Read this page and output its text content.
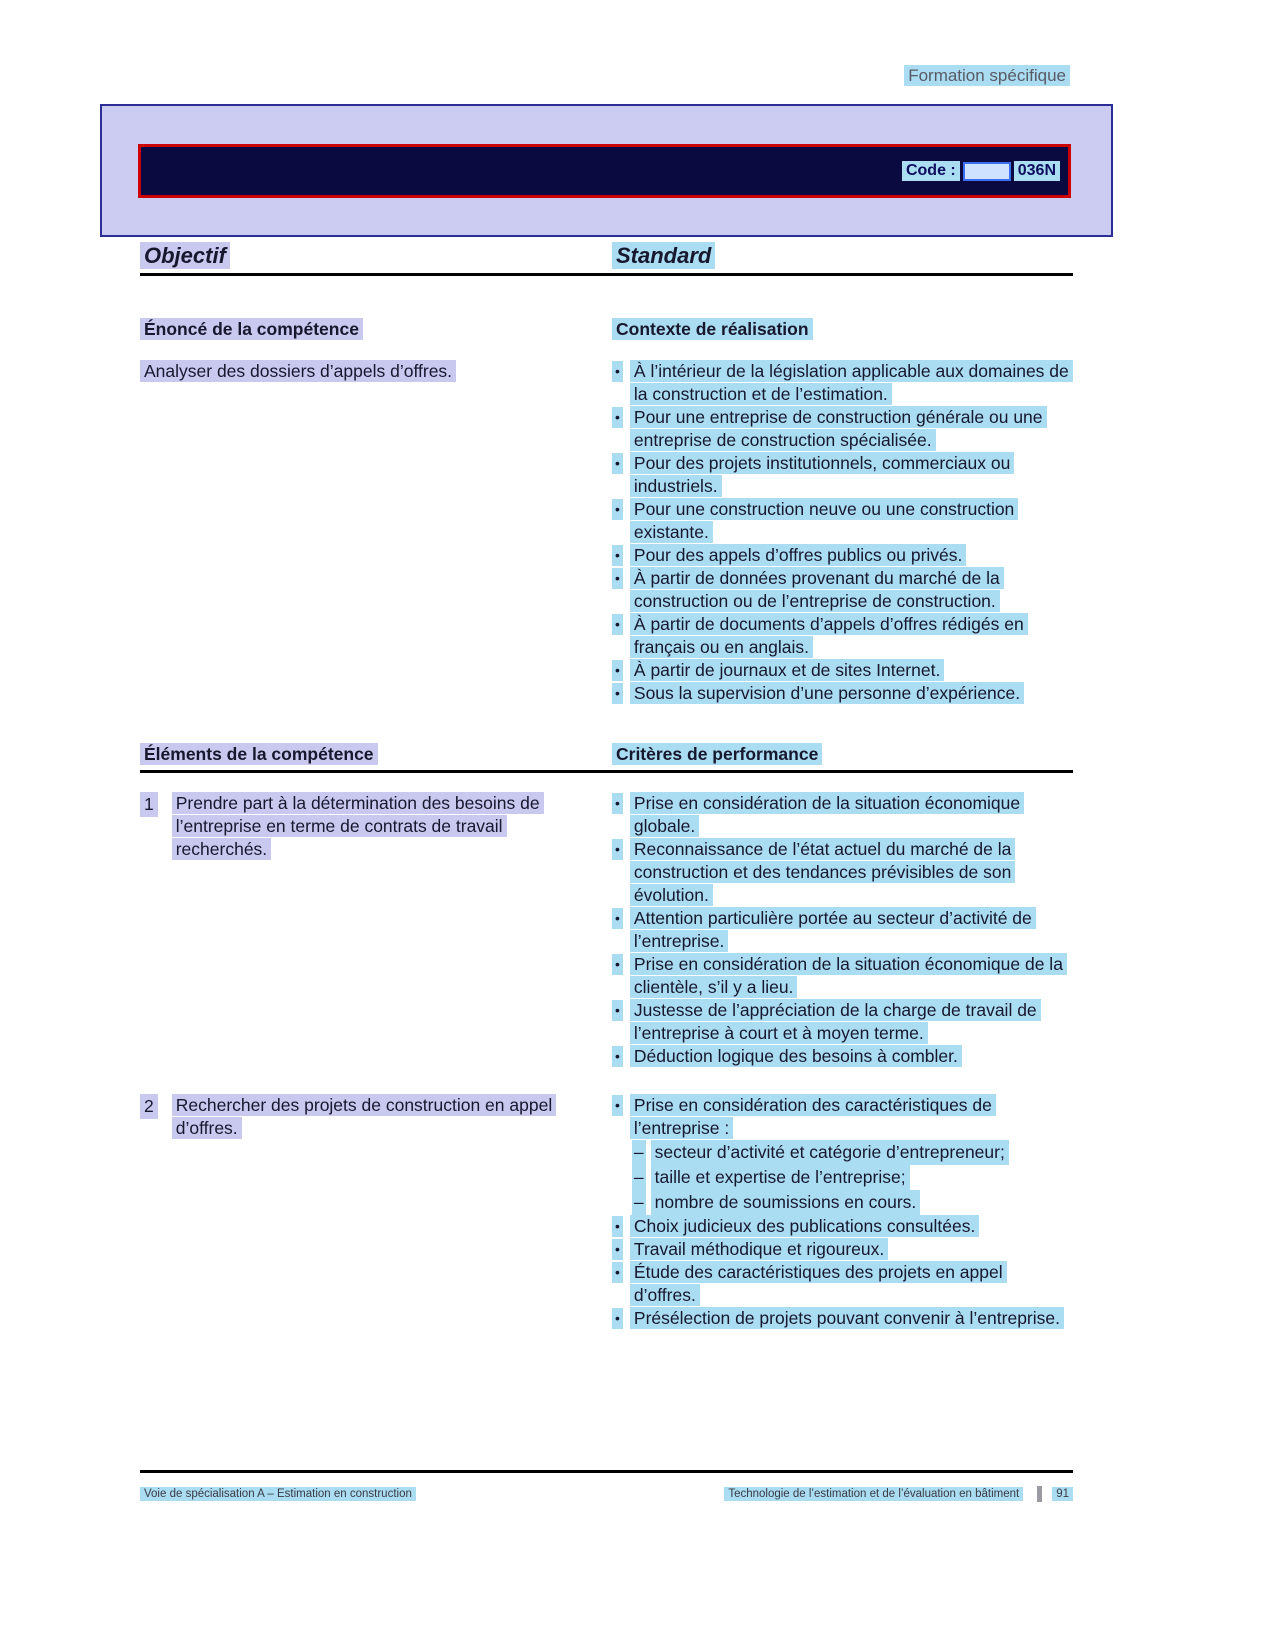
Formation spécifique
Code :	036N
Objectif	Standard
Énoncé de la compétence	Contexte de réalisation
Analyser des dossiers d’appels d’offres.	• À l’intérieur de la législation applicable aux domaines de la construction et de l’estimation.
• Pour une entreprise de construction générale ou une entreprise de construction spécialisée.
• Pour des projets institutionnels, commerciaux ou industriels.
• Pour une construction neuve ou une construction existante.
• Pour des appels d’offres publics ou privés.
• À partir de données provenant du marché de la construction ou de l’entreprise de construction.
• À partir de documents d’appels d’offres rédigés en français ou en anglais.
• À partir de journaux et de sites Internet.
• Sous la supervision d’une personne d’expérience.
Éléments de la compétence	Critères de performance
1 Prendre part à la détermination des besoins de l’entreprise en terme de contrats de travail recherchés.
• Prise en considération de la situation économique globale.
• Reconnaissance de l’état actuel du marché de la construction et des tendances prévisibles de son évolution.
• Attention particulière portée au secteur d’activité de l’entreprise.
• Prise en considération de la situation économique de la clientèle, s’il y a lieu.
• Justesse de l’appréciation de la charge de travail de l’entreprise à court et à moyen terme.
• Déduction logique des besoins à combler.
2 Rechercher des projets de construction en appel d’offres.
• Prise en considération des caractéristiques de l’entreprise :
– secteur d’activité et catégorie d’entrepreneur;
– taille et expertise de l’entreprise;
– nombre de soumissions en cours.
• Choix judicieux des publications consultées.
• Travail méthodique et rigoureux.
• Étude des caractéristiques des projets en appel d’offres.
• Présélection de projets pouvant convenir à l’entreprise.
Voie de spécialisation A – Estimation en construction	Technologie de l’estimation et de l’évaluation en bâtiment	91
